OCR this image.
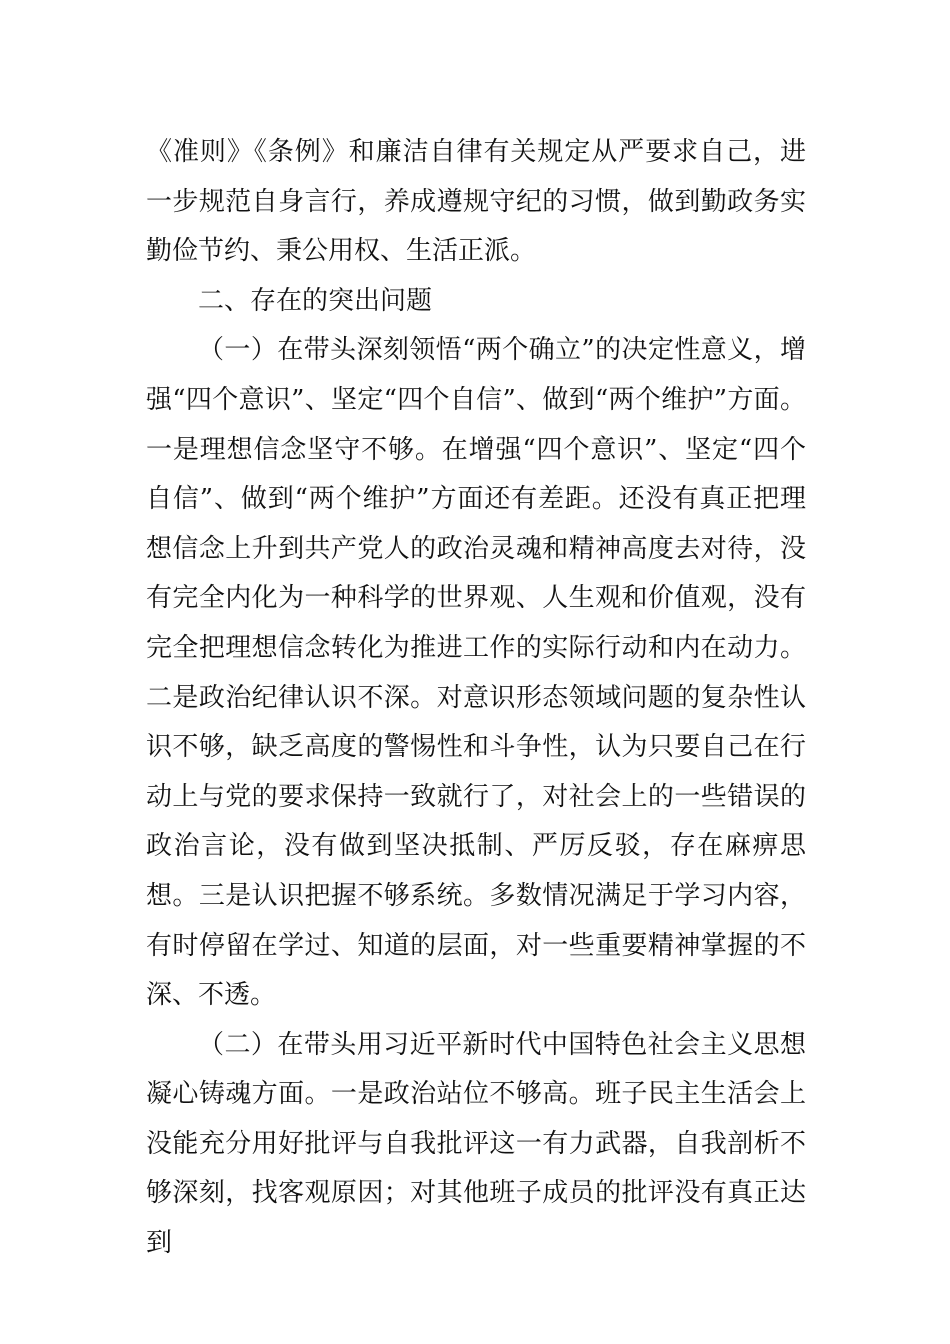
《准则》《条例》和廉洁自律有关规定从严要求自己，进一步规范自身言行，养成遵规守纪的习惯，做到勤政务实勤俭节约、秉公用权、生活正派。

二、存在的突出问题

（一）在带头深刻领悟“两个确立”的决定性意义，增强“四个意识”、坚定“四个自信”、做到“两个维护”方面。一是理想信念坚守不够。在增强“四个意识”、坚定“四个自信”、做到“两个维护”方面还有差距。还没有真正把理想信念上升到共产党人的政治灵魂和精神高度去对待，没有完全内化为一种科学的世界观、人生观和价值观，没有完全把理想信念转化为推进工作的实际行动和内在动力。二是政治纪律认识不深。对意识形态领域问题的复杂性认识不够，缺乏高度的警惕性和斗争性，认为只要自己在行动上与党的要求保持一致就行了，对社会上的一些错误的政治言论，没有做到坚决抵制、严厉反驳，存在麻痹思想。三是认识把握不够系统。多数情况满足于学习内容，有时停留在学过、知道的层面，对一些重要精神掌握的不深、不透。

（二）在带头用习近平新时代中国特色社会主义思想凝心铸魂方面。一是政治站位不够高。班子民主生活会上没能充分用好批评与自我批评这一有力武器，自我剖析不够深刻，找客观原因；对其他班子成员的批评没有真正达到
